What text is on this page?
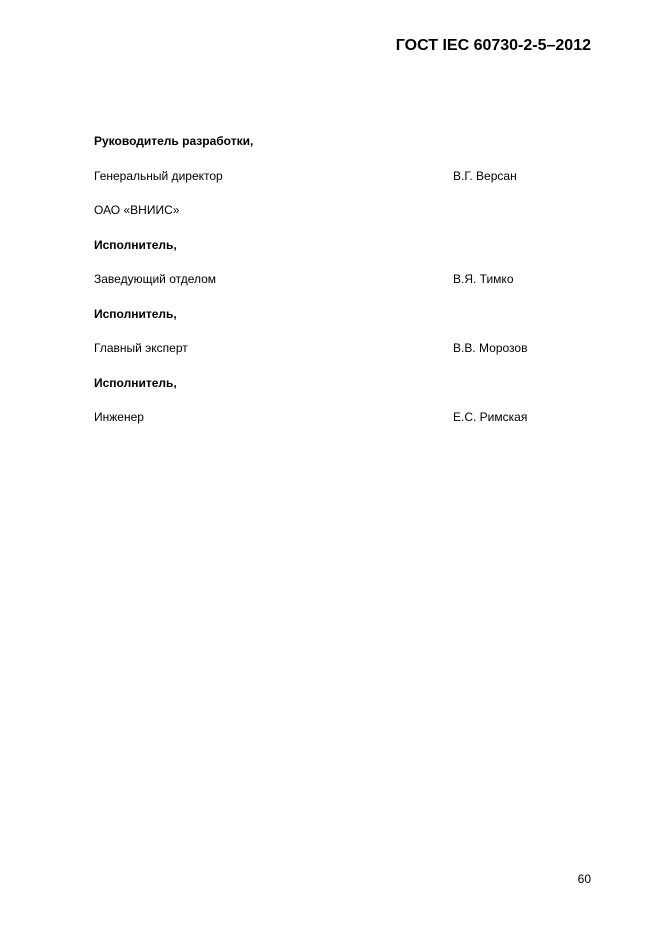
ГОСТ IEC 60730-2-5–2012
Руководитель разработки,
Генеральный директор	В.Г. Версан
ОАО «ВНИИС»
Исполнитель,
Заведующий отделом	В.Я. Тимко
Исполнитель,
Главный эксперт	В.В. Морозов
Исполнитель,
Инженер	Е.С. Римская
60
